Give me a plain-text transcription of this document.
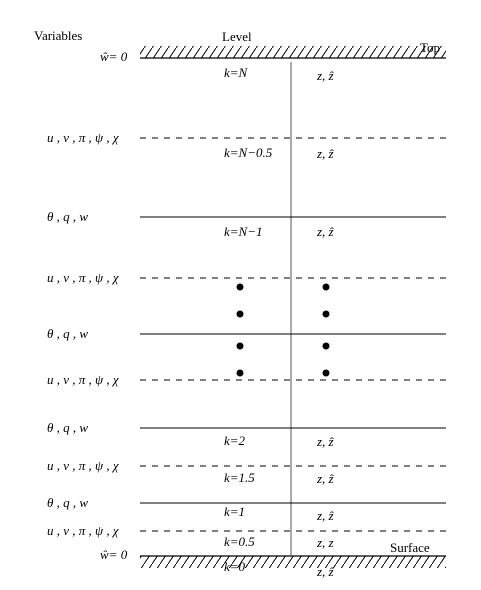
Variables	Level
Surface
ŵ= 0
ŵ= 0
u , v , π , ψ , χ
θ , q , w
u , v , π , ψ , χ
θ , q , w
u , v , π , ψ , χ
θ , q , w
u , v , π , ψ , χ
θ , q , w
u , v , π , ψ , χ
k=N
k=N−0.5
k=N−1
k=2
k=1.5
k=1
k=0.5
k=0
z, ẑ
z, ẑ
z, ẑ
z, ẑ
z, ẑ
z, ẑ
z, z
z, ẑ
